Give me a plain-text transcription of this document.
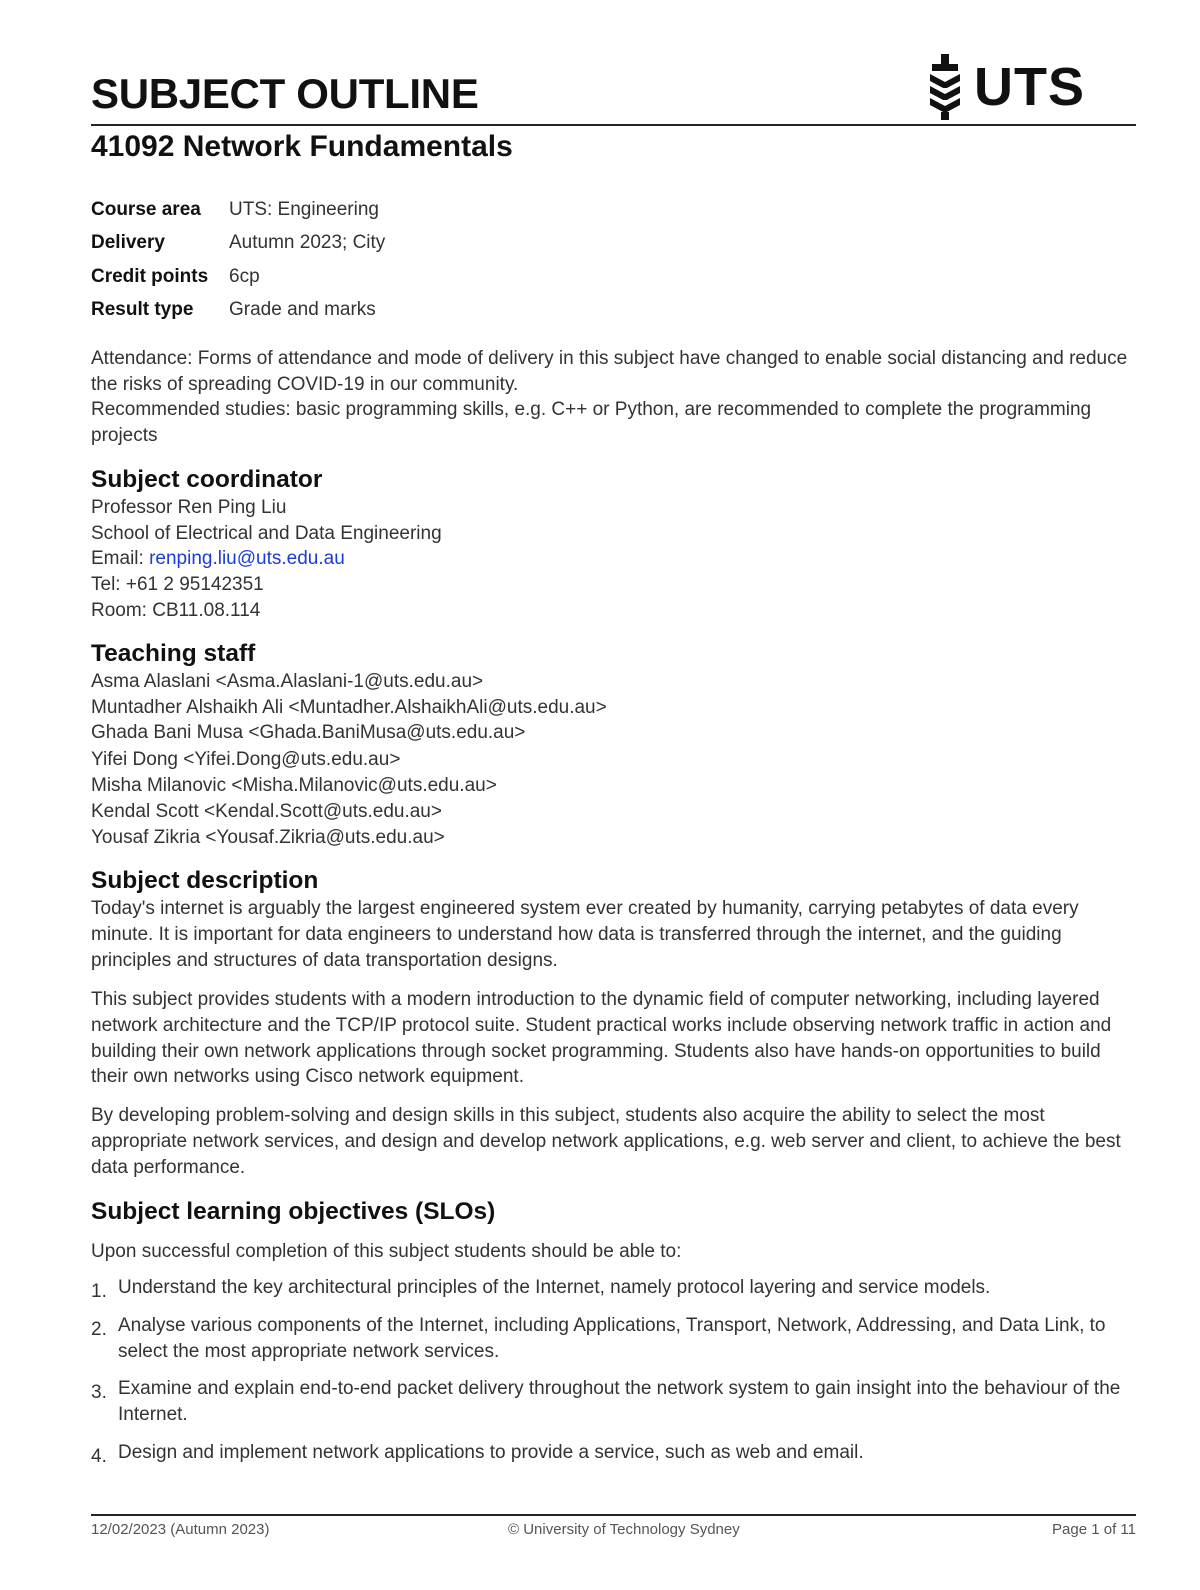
SUBJECT OUTLINE	UTS
41092 Network Fundamentals
Course area	UTS: Engineering
Delivery	Autumn 2023; City
Credit points	6cp
Result type	Grade and marks
Attendance: Forms of attendance and mode of delivery in this subject have changed to enable social distancing and reduce the risks of spreading COVID-19 in our community.
Recommended studies: basic programming skills, e.g. C++ or Python, are recommended to complete the programming projects
Subject coordinator
Professor Ren Ping Liu
School of Electrical and Data Engineering
Email: renping.liu@uts.edu.au
Tel: +61 2 95142351
Room: CB11.08.114
Teaching staff
Asma Alaslani <Asma.Alaslani-1@uts.edu.au>
Muntadher Alshaikh Ali <Muntadher.AlshaikhAli@uts.edu.au>
Ghada Bani Musa <Ghada.BaniMusa@uts.edu.au>
Yifei Dong <Yifei.Dong@uts.edu.au>
Misha Milanovic <Misha.Milanovic@uts.edu.au>
Kendal Scott <Kendal.Scott@uts.edu.au>
Yousaf Zikria <Yousaf.Zikria@uts.edu.au>
Subject description
Today's internet is arguably the largest engineered system ever created by humanity, carrying petabytes of data every minute. It is important for data engineers to understand how data is transferred through the internet, and the guiding principles and structures of data transportation designs.
This subject provides students with a modern introduction to the dynamic field of computer networking, including layered network architecture and the TCP/IP protocol suite. Student practical works include observing network traffic in action and building their own network applications through socket programming. Students also have hands-on opportunities to build their own networks using Cisco network equipment.
By developing problem-solving and design skills in this subject, students also acquire the ability to select the most appropriate network services, and design and develop network applications, e.g. web server and client, to achieve the best data performance.
Subject learning objectives (SLOs)
Upon successful completion of this subject students should be able to:
1. Understand the key architectural principles of the Internet, namely protocol layering and service models.
2. Analyse various components of the Internet, including Applications, Transport, Network, Addressing, and Data Link, to select the most appropriate network services.
3. Examine and explain end-to-end packet delivery throughout the network system to gain insight into the behaviour of the Internet.
4. Design and implement network applications to provide a service, such as web and email.
12/02/2023 (Autumn 2023)	© University of Technology Sydney	Page 1 of 11
